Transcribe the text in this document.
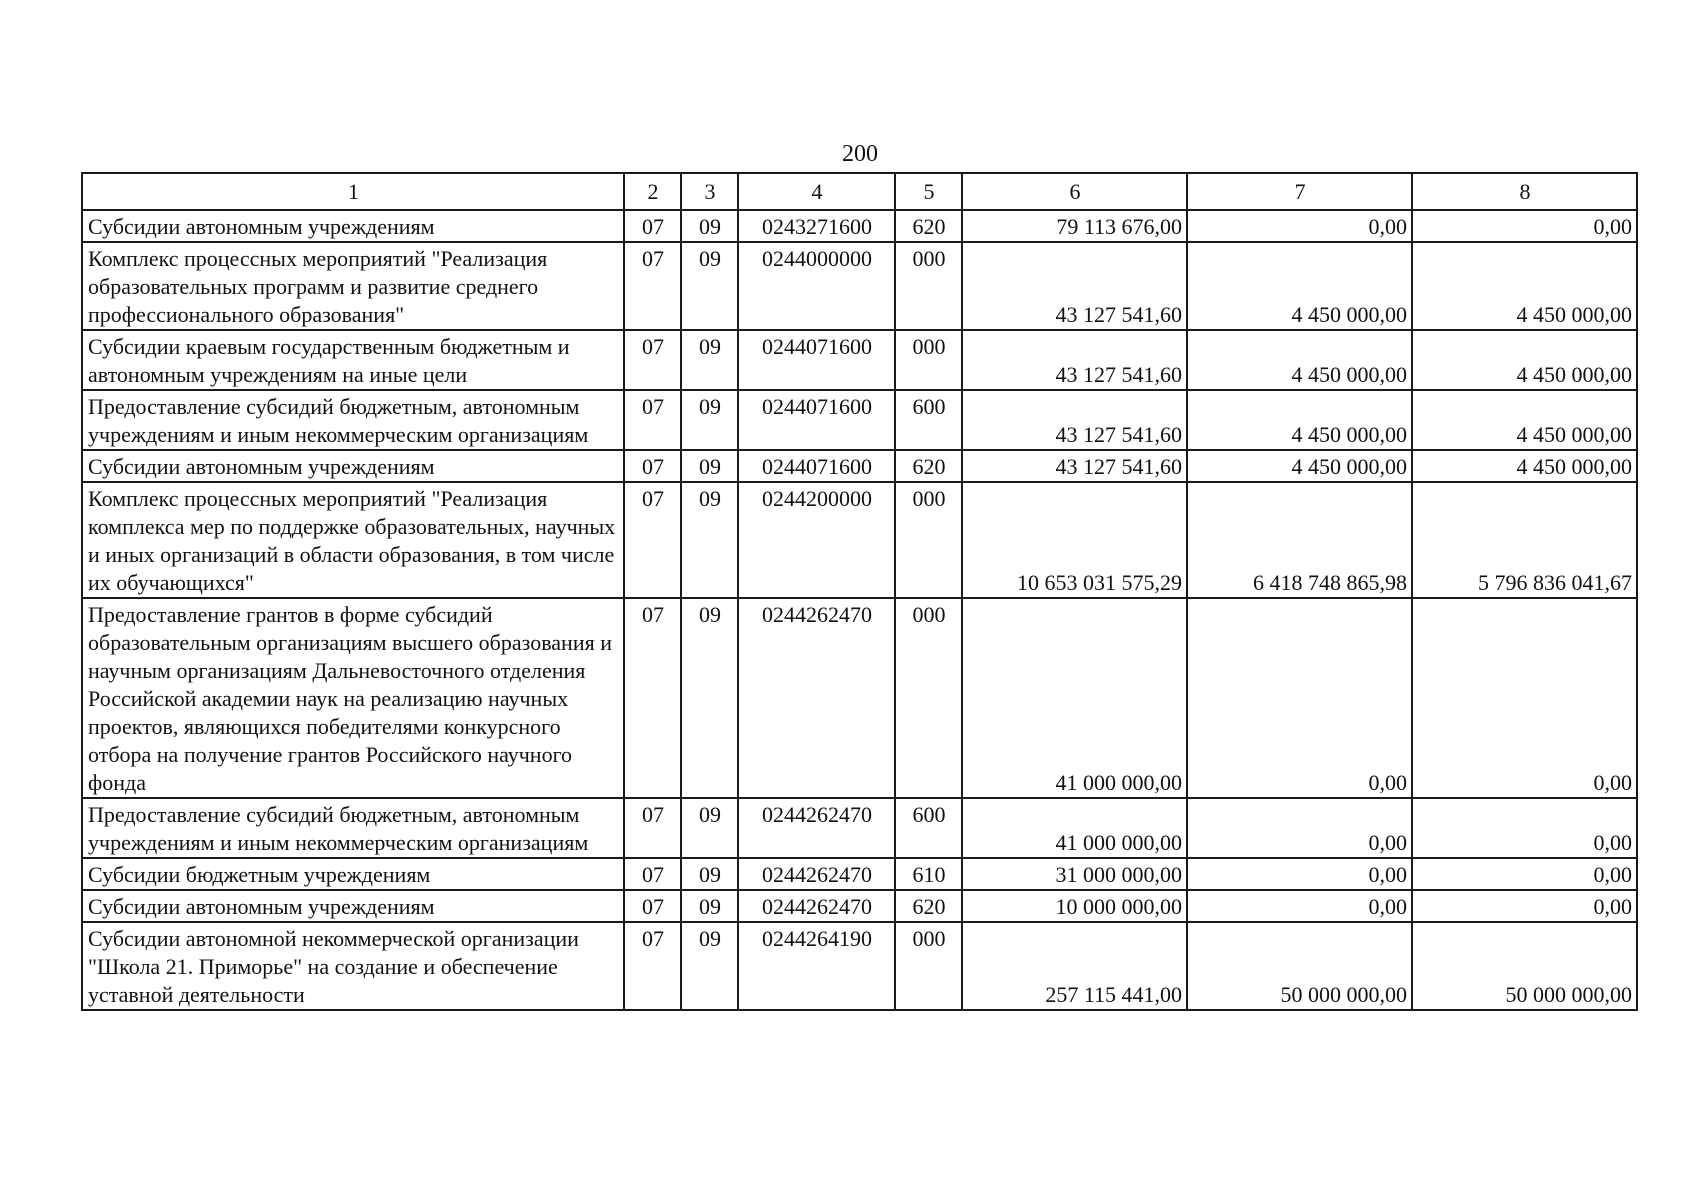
200
1	2	3	4	5	6	7	8
Субсидии автономным учреждениям	07	09	0243271600	620	79 113 676,00	0,00	0,00
Комплекс процессных мероприятий "Реализация образовательных программ и развитие среднего профессионального образования"	07	09	0244000000	000	43 127 541,60	4 450 000,00	4 450 000,00
Субсидии краевым государственным бюджетным и автономным учреждениям на иные цели	07	09	0244071600	000	43 127 541,60	4 450 000,00	4 450 000,00
Предоставление субсидий бюджетным, автономным учреждениям и иным некоммерческим организациям	07	09	0244071600	600	43 127 541,60	4 450 000,00	4 450 000,00
Субсидии автономным учреждениям	07	09	0244071600	620	43 127 541,60	4 450 000,00	4 450 000,00
Комплекс процессных мероприятий "Реализация комплекса мер по поддержке образовательных, научных и иных организаций в области образования, в том числе их обучающихся"	07	09	0244200000	000	10 653 031 575,29	6 418 748 865,98	5 796 836 041,67
Предоставление грантов в форме субсидий образовательным организациям высшего образования и научным организациям Дальневосточного отделения Российской академии наук на реализацию научных проектов, являющихся победителями конкурсного отбора на получение грантов Российского научного фонда	07	09	0244262470	000	41 000 000,00	0,00	0,00
Предоставление субсидий бюджетным, автономным учреждениям и иным некоммерческим организациям	07	09	0244262470	600	41 000 000,00	0,00	0,00
Субсидии бюджетным учреждениям	07	09	0244262470	610	31 000 000,00	0,00	0,00
Субсидии автономным учреждениям	07	09	0244262470	620	10 000 000,00	0,00	0,00
Субсидии автономной некоммерческой организации "Школа 21. Приморье" на создание и обеспечение уставной деятельности	07	09	0244264190	000	257 115 441,00	50 000 000,00	50 000 000,00
